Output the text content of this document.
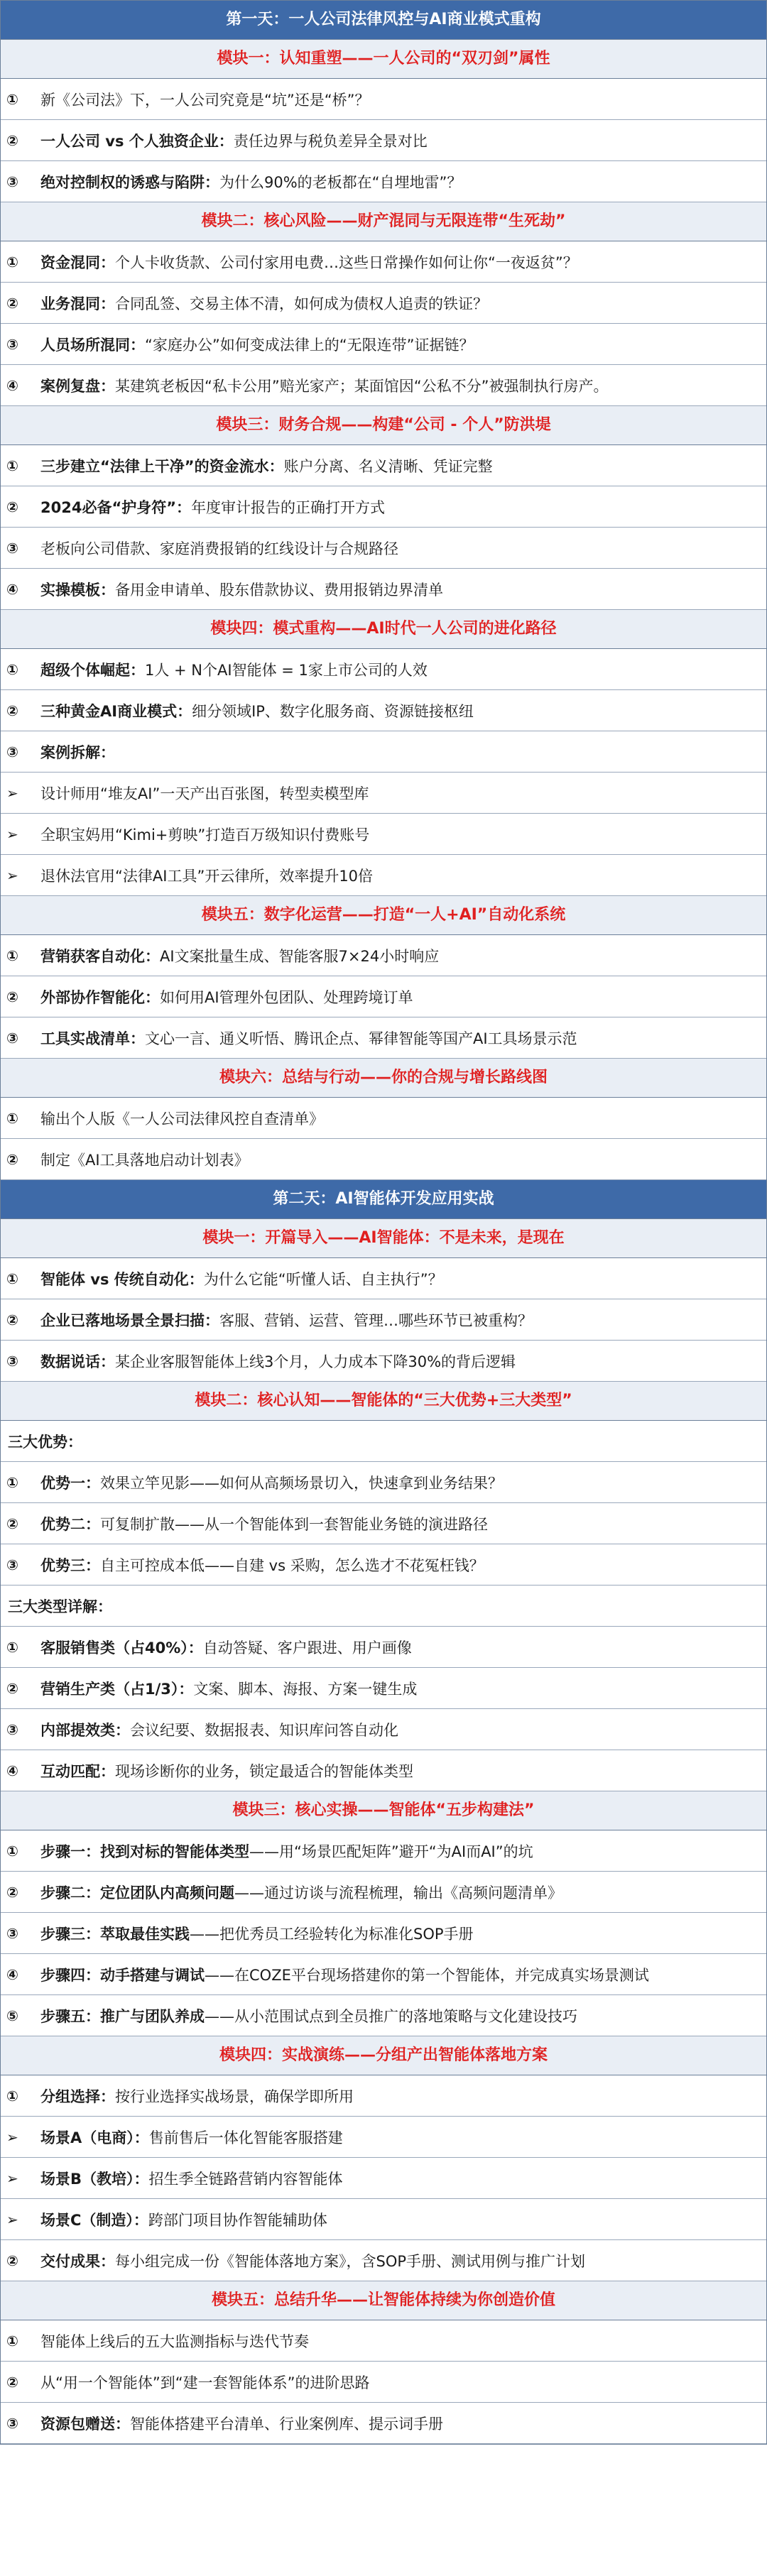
第一天：一人公司法律风控与AI商业模式重构
模块一：认知重塑——一人公司的“双刃剑”属性
①	新《公司法》下，一人公司究竟是“坑”还是“桥”？
②	一人公司 vs 个人独资企业： 责任边界与税负差异全景对比
③	绝对控制权的诱惑与陷阱： 为什么90%的老板都在“自埋地雷”？
模块二：核心风险——财产混同与无限连带“生死劫”
①	资金混同： 个人卡收货款、公司付家用电费…这些日常操作如何让你“一夜返贫”？
②	业务混同： 合同乱签、交易主体不清，如何成为债权人追责的铁证？
③	人员场所混同： “家庭办公”如何变成法律上的“无限连带”证据链？
④	案例复盘： 某建筑老板因“私卡公用”赔光家产；某面馆因“公私不分”被强制执行房产。
模块三：财务合规——构建“公司 - 个人”防洪堤
①	三步建立“法律上干净”的资金流水： 账户分离、名义清晰、凭证完整
②	2024必备“护身符”： 年度审计报告的正确打开方式
③	老板向公司借款、家庭消费报销的红线设计与合规路径
④	实操模板： 备用金申请单、股东借款协议、费用报销边界清单
模块四：模式重构——AI时代一人公司的进化路径
①	超级个体崛起： 1人 + N个AI智能体 = 1家上市公司的人效
②	三种黄金AI商业模式： 细分领域IP、数字化服务商、资源链接枢纽
③	案例拆解：
➢	设计师用“堆友AI”一天产出百张图，转型卖模型库
➢	全职宝妈用“Kimi+剪映”打造百万级知识付费账号
➢	退休法官用“法律AI工具”开云律所，效率提升10倍
模块五：数字化运营——打造“一人+AI”自动化系统
①	营销获客自动化： AI文案批量生成、智能客服7×24小时响应
②	外部协作智能化： 如何用AI管理外包团队、处理跨境订单
③	工具实战清单： 文心一言、通义听悟、腾讯企点、幂律智能等国产AI工具场景示范
模块六：总结与行动——你的合规与增长路线图
①	输出个人版《一人公司法律风控自查清单》
②	制定《AI工具落地启动计划表》
第二天：AI智能体开发应用实战
模块一：开篇导入——AI智能体：不是未来，是现在
①	智能体 vs 传统自动化： 为什么它能“听懂人话、自主执行”？
②	企业已落地场景全景扫描： 客服、营销、运营、管理…哪些环节已被重构？
③	数据说话： 某企业客服智能体上线3个月，人力成本下降30%的背后逻辑
模块二：核心认知——智能体的“三大优势+三大类型”
三大优势：
①	优势一： 效果立竿见影——如何从高频场景切入，快速拿到业务结果？
②	优势二： 可复制扩散——从一个智能体到一套智能业务链的演进路径
③	优势三： 自主可控成本低——自建 vs 采购，怎么选才不花冤枉钱？
三大类型详解：
①	客服销售类（占40%）： 自动答疑、客户跟进、用户画像
②	营销生产类（占1/3）： 文案、脚本、海报、方案一键生成
③	内部提效类： 会议纪要、数据报表、知识库问答自动化
④	互动匹配： 现场诊断你的业务，锁定最适合的智能体类型
模块三：核心实操——智能体“五步构建法”
①	步骤一：找到对标的智能体类型 ——用“场景匹配矩阵”避开“为AI而AI”的坑
②	步骤二：定位团队内高频问题 ——通过访谈与流程梳理，输出《高频问题清单》
③	步骤三：萃取最佳实践 ——把优秀员工经验转化为标准化SOP手册
④	步骤四：动手搭建与调试 ——在COZE平台现场搭建你的第一个智能体，并完成真实场景测试
⑤	步骤五：推广与团队养成 ——从小范围试点到全员推广的落地策略与文化建设技巧
模块四：实战演练——分组产出智能体落地方案
①	分组选择： 按行业选择实战场景，确保学即所用
➢	场景A（电商）： 售前售后一体化智能客服搭建
➢	场景B（教培）： 招生季全链路营销内容智能体
➢	场景C（制造）： 跨部门项目协作智能辅助体
②	交付成果： 每小组完成一份《智能体落地方案》，含SOP手册、测试用例与推广计划
模块五：总结升华——让智能体持续为你创造价值
①	智能体上线后的五大监测指标与迭代节奏
②	从“用一个智能体”到“建一套智能体系”的进阶思路
③	资源包赠送： 智能体搭建平台清单、行业案例库、提示词手册
